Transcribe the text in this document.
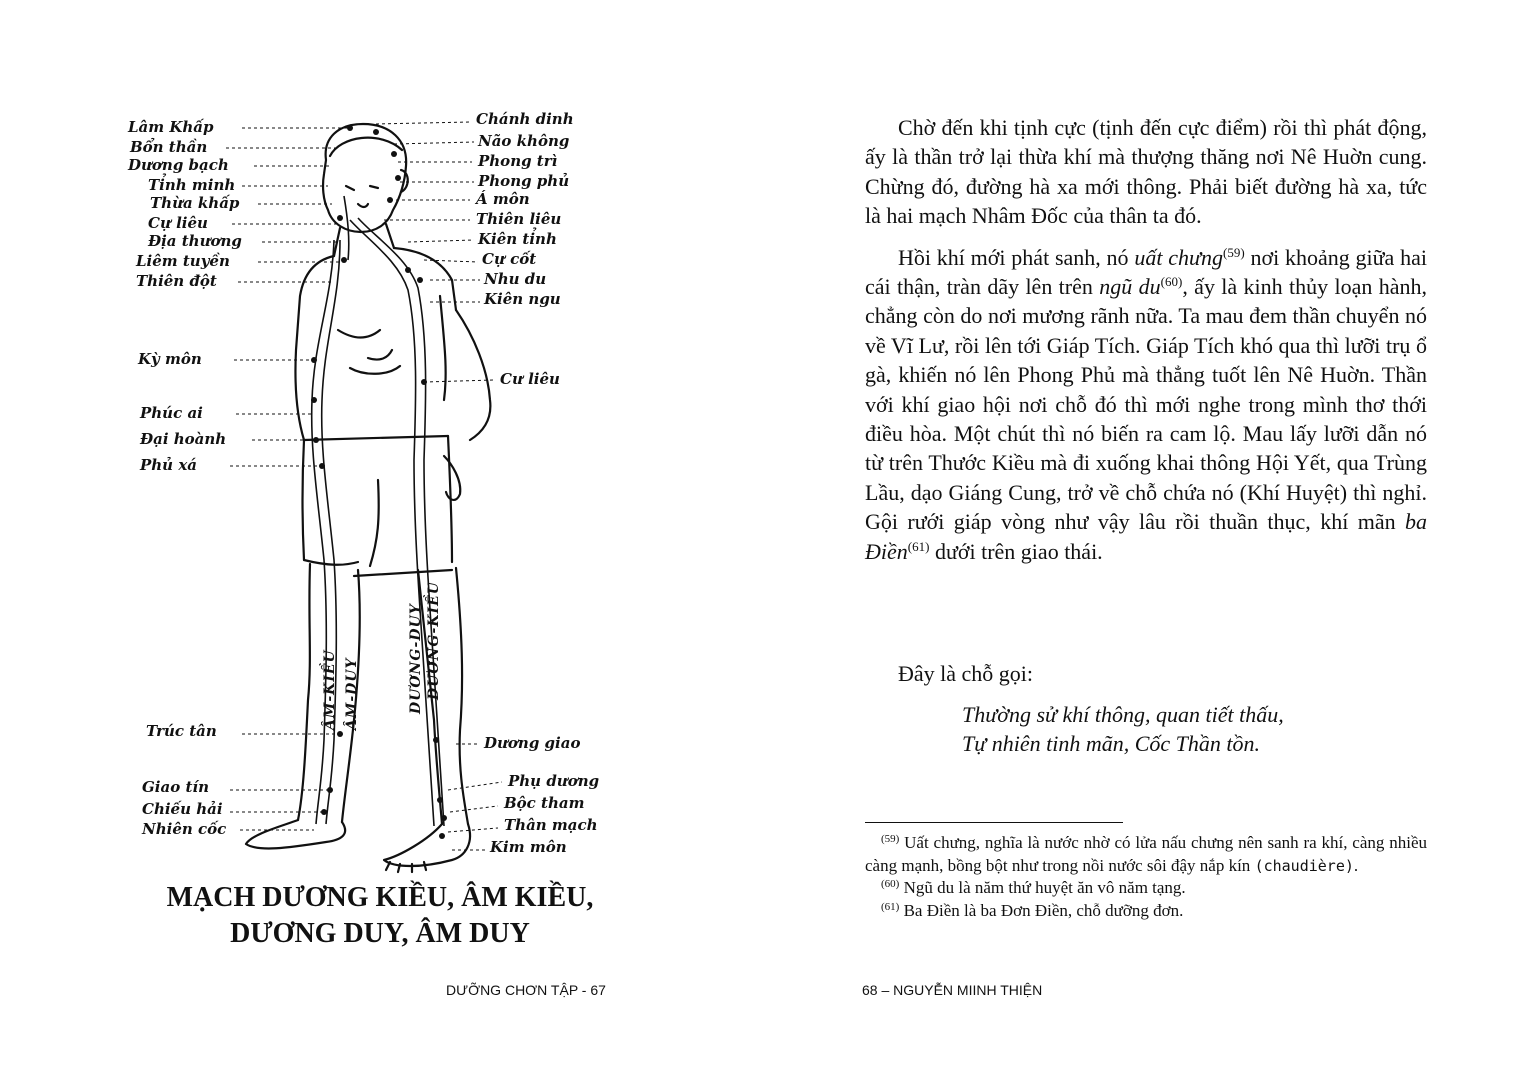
Lâm Khấp
Bổn thần
Dương bạch
Tỉnh minh
Thừa khấp
Cự liêu
Địa thương
Liêm tuyền
Thiên đột
Kỳ môn
Phúc ai
Đại hoành
Phủ xá
Trúc tân
Giao tín
Chiếu hải
Nhiên cốc
Chánh dinh
Não không
Phong trì
Phong phủ
Á môn
Thiên liêu
Kiên tỉnh
Cự cốt
Nhu du
Kiên ngu
Cư liêu
Dương giao
Phụ dương
Bộc tham
Thân mạch
Kim môn
ÂM-KIỀU ÂM-DUY	DƯƠNG-DUY DƯƠNG-KIỀU
MẠCH DƯƠNG KIỀU, ÂM KIỀU,
DƯƠNG DUY, ÂM DUY
DƯỠNG CHƠN TẬP - 67

Chờ đến khi tịnh cực (tịnh đến cực điểm) rồi thì phát động, ấy là thần trở lại thừa khí mà thượng thăng nơi Nê Huờn cung. Chừng đó, đường hà xa mới thông. Phải biết đường hà xa, tức là hai mạch Nhâm Đốc của thân ta đó.

Hồi khí mới phát sanh, nó uất chưng$^{(59)}$ nơi khoảng giữa hai cái thận, tràn dãy lên trên ngũ $du^{(60)}$, ấy là kinh thủy loạn hành, chẳng còn do nơi mương rãnh nữa. Ta mau đem thần chuyển nó về Vĩ Lư, rồi lên tới Giáp Tích. Giáp Tích khó qua thì lưỡi trụ ổ gà, khiến nó lên Phong Phủ mà thẳng tuốt lên Nê Huờn. Thần với khí giao hội nơi chỗ đó thì mới nghe trong mình thơ thới điều hòa. Một chút thì nó biến ra cam lộ. Mau lấy lưỡi dẫn nó từ trên Thước Kiều mà đi xuống khai thông Hội Yết, qua Trùng Lầu, dạo Giáng Cung, trở về chỗ chứa nó (Khí Huyệt) thì nghỉ. Gội rưới giáp vòng như vậy lâu rồi thuần thục, khí mãn ba Điền$^{(61)}$ dưới trên giao thái.

Đây là chỗ gọi:
Thường sử khí thông, quan tiết thấu,
Tự nhiên tinh mãn, Cốc Thần tồn.

$^{(59)}$ Uất chưng, nghĩa là nước nhờ có lửa nấu chưng nên sanh ra khí, càng nhiều càng mạnh, bồng bột như trong nồi nước sôi đậy nắp kín (chaudière).

$^{(60)}$ Ngũ du là năm thứ huyệt ăn vô năm tạng.

$^{(61)}$ Ba Điền là ba Đơn Điền, chỗ dưỡng đơn.

68 – NGUYỄN MIINH THIỆN
